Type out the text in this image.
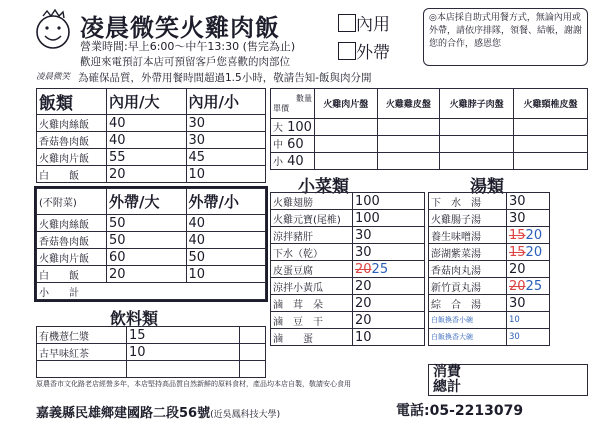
凌晨微笑
凌晨微笑火雞肉飯	內用
外帶
營業時間:早上6:00～中午13:30 (售完為止)
歡迎來電預訂本店可預留客戶您喜歡的肉部位
為確保品質，外帶用餐時間超過1.5小時，敬請告知-飯與肉分開
◎本店採自助式用餐方式，無論內用或外帶，請依序排隊，領餐、結帳，謝謝您的合作，感恩您
飯類	內用/大	內用/小
火雞肉絲飯	40	30
香菇魯肉飯	40	30
火雞肉片飯	55	45
白　　飯	20	10
(不附菜)	外帶/大	外帶/小
火雞肉絲飯	50	40
香菇魯肉飯	50	40
火雞肉片飯	60	50
白　　飯	20	10
小　　計		
飲料類
有機薏仁漿	15	
古早味紅茶	10	

數量
單價	火雞肉片盤	火雞雞皮盤	火雞脖子肉盤	火雞頸椎皮盤
大 100				
中 60				
小 40				
小菜類
火雞翅膀	100
火雞元寶(尾椎)	100
涼拌豬肝	30
下水（乾）	30
皮蛋豆腐	2025
涼拌小黃瓜	20
滷　茸　朵	20
滷　豆　干	20
滷　　蛋	10
湯類
下　水　湯	30
火雞腸子湯	30
養生味噌湯	1520
澎湖紫菜湯	1520
香菇肉丸湯	20
新竹貢丸湯	2025
綜　合　湯	30
白飯換香小碗	10
白飯換香大碗	30
消費總計
原農香市文化路老店經營多年，本店堅持高品質自然新鮮的原料食材，產品均本店自製，敬請安心食用
嘉義縣民雄鄉建國路二段56號(近吳鳳科技大學)	電話:05-2213079
